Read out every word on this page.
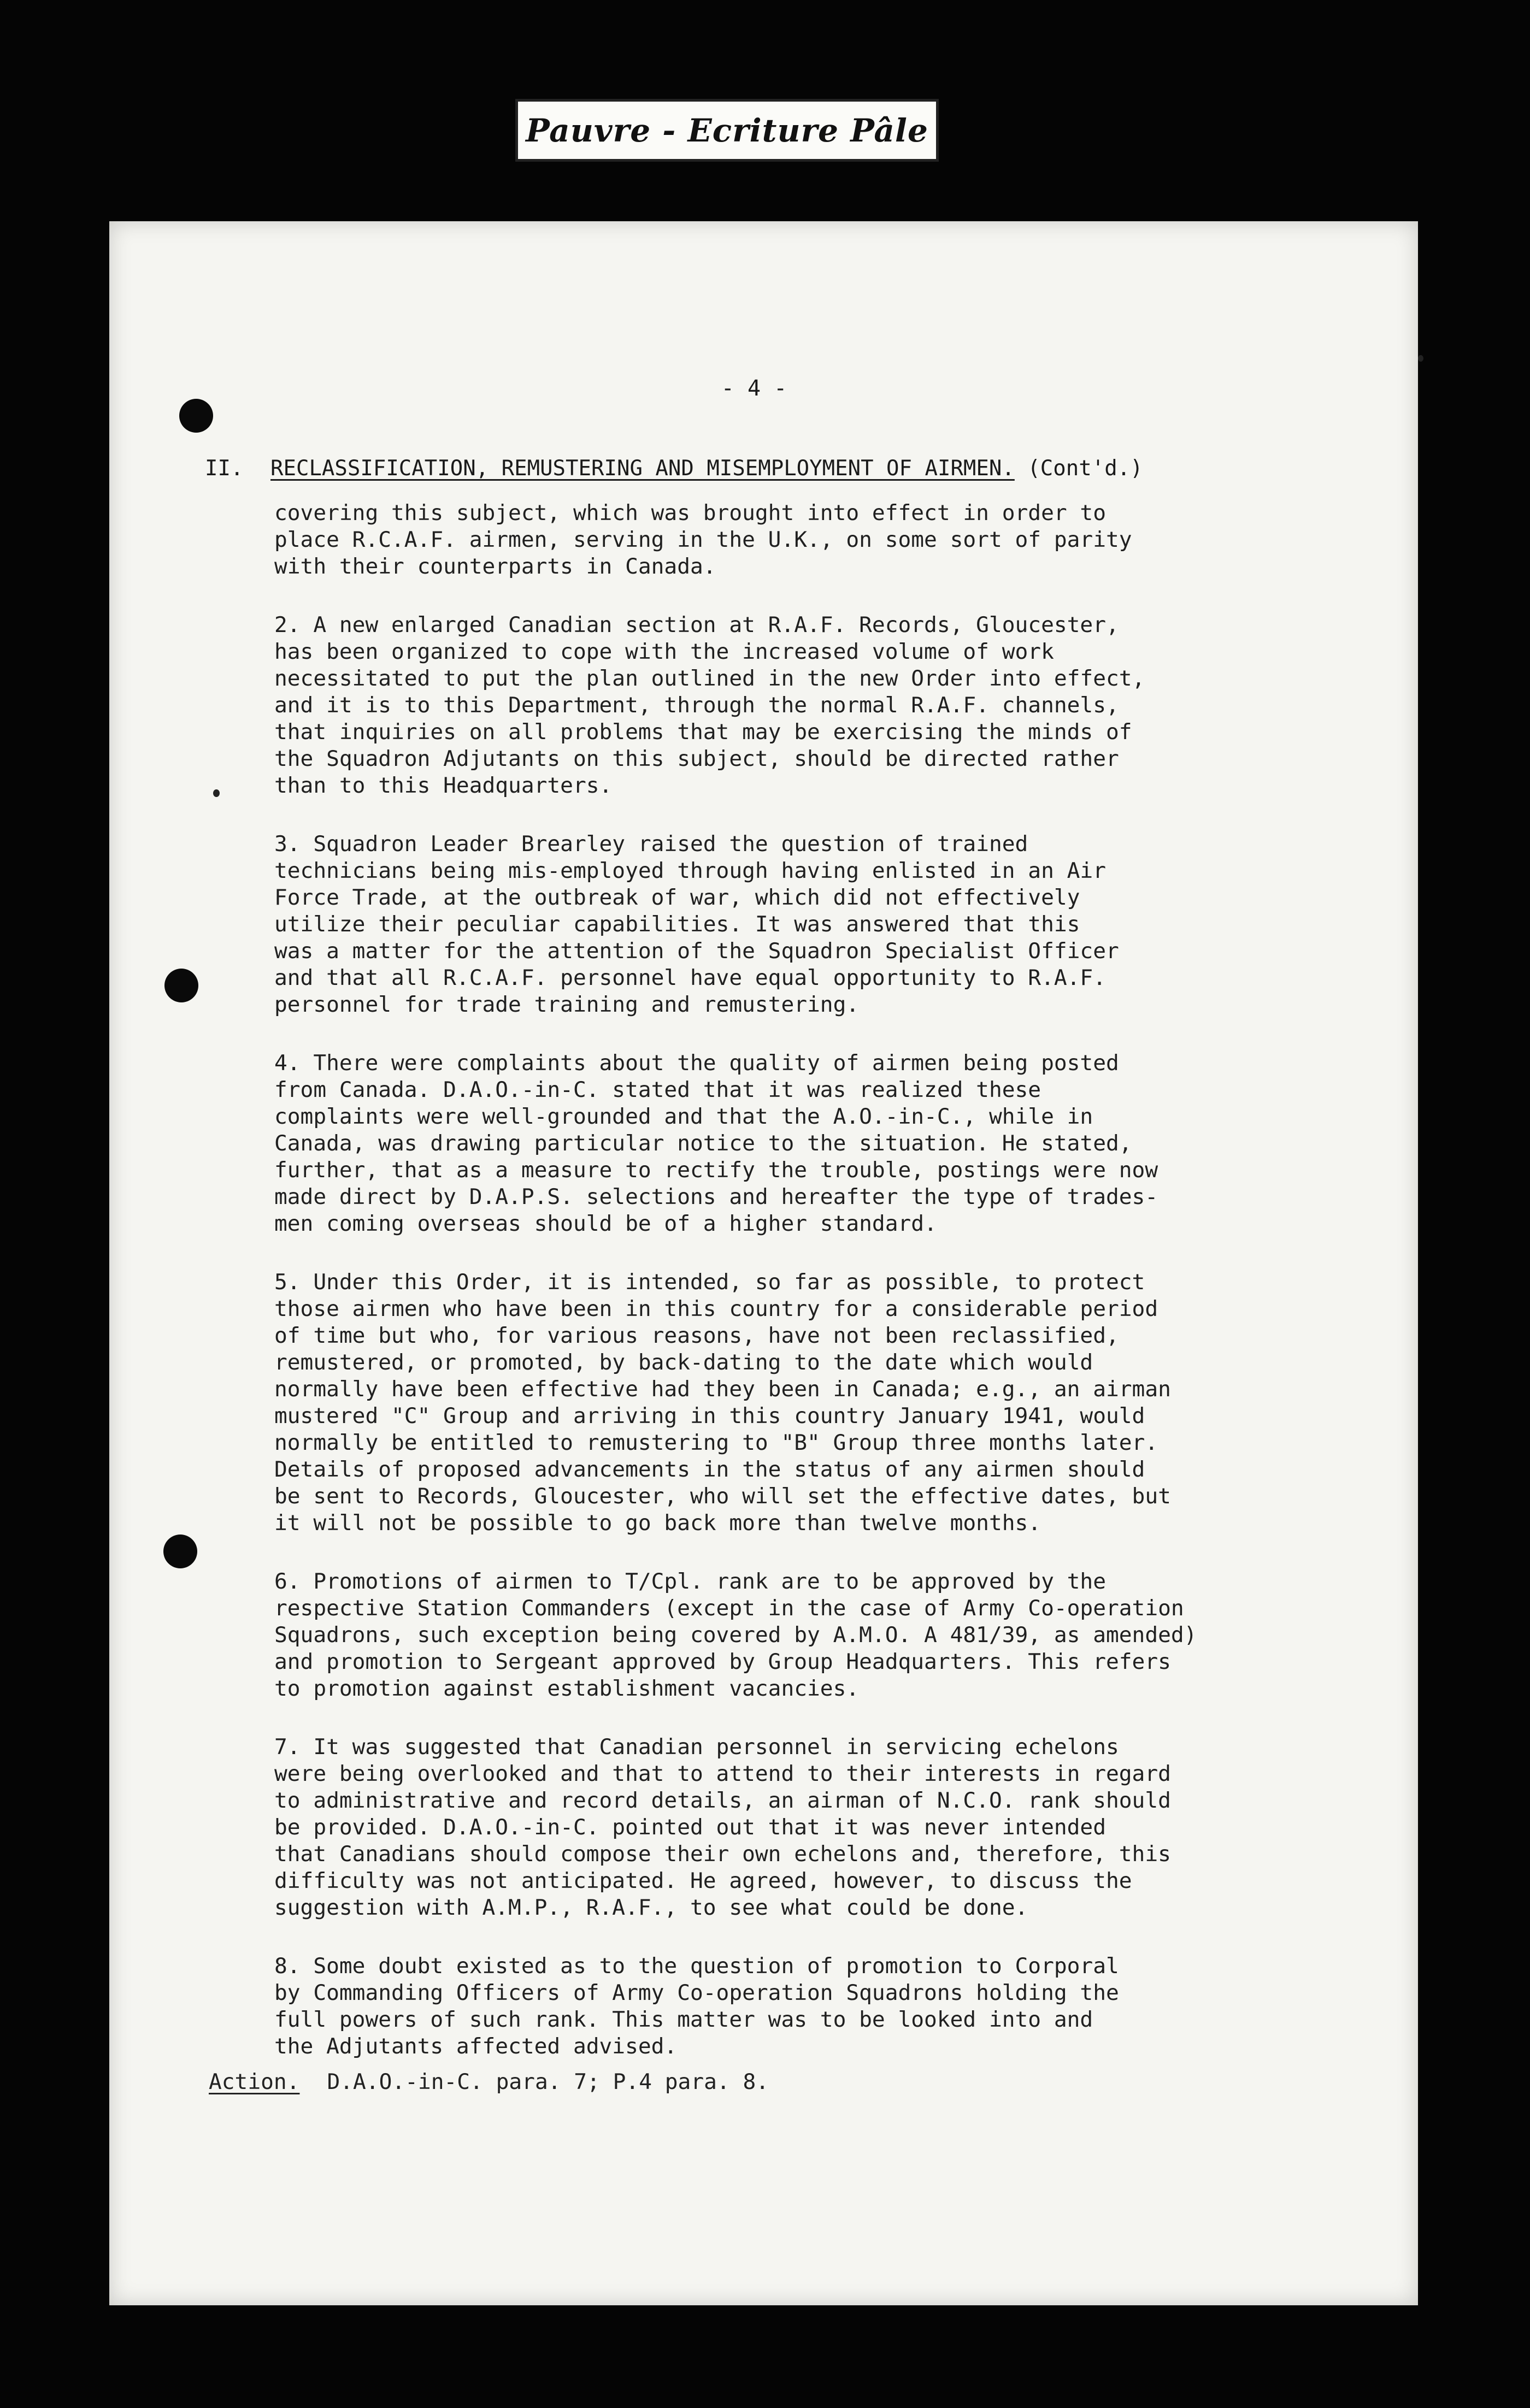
Pauvre - Ecriture Pâle
- 4 -
II. RECLASSIFICATION, REMUSTERING AND MISEMPLOYMENT OF AIRMEN. (Cont'd.)

covering this subject, which was brought into effect in order to
place R.C.A.F. airmen, serving in the U.K., on some sort of parity
with their counterparts in Canada.

2. A new enlarged Canadian section at R.A.F. Records, Gloucester,
has been organized to cope with the increased volume of work
necessitated to put the plan outlined in the new Order into effect,
and it is to this Department, through the normal R.A.F. channels,
that inquiries on all problems that may be exercising the minds of
the Squadron Adjutants on this subject, should be directed rather
than to this Headquarters.

3. Squadron Leader Brearley raised the question of trained
technicians being mis-employed through having enlisted in an Air
Force Trade, at the outbreak of war, which did not effectively
utilize their peculiar capabilities. It was answered that this
was a matter for the attention of the Squadron Specialist Officer
and that all R.C.A.F. personnel have equal opportunity to R.A.F.
personnel for trade training and remustering.

4. There were complaints about the quality of airmen being posted
from Canada. D.A.O.-in-C. stated that it was realized these
complaints were well-grounded and that the A.O.-in-C., while in
Canada, was drawing particular notice to the situation. He stated,
further, that as a measure to rectify the trouble, postings were now
made direct by D.A.P.S. selections and hereafter the type of trades-
men coming overseas should be of a higher standard.

5. Under this Order, it is intended, so far as possible, to protect
those airmen who have been in this country for a considerable period
of time but who, for various reasons, have not been reclassified,
remustered, or promoted, by back-dating to the date which would
normally have been effective had they been in Canada; e.g., an airman
mustered "C" Group and arriving in this country January 1941, would
normally be entitled to remustering to "B" Group three months later.
Details of proposed advancements in the status of any airmen should
be sent to Records, Gloucester, who will set the effective dates, but
it will not be possible to go back more than twelve months.

6. Promotions of airmen to T/Cpl. rank are to be approved by the
respective Station Commanders (except in the case of Army Co-operation
Squadrons, such exception being covered by A.M.O. A 481/39, as amended)
and promotion to Sergeant approved by Group Headquarters. This refers
to promotion against establishment vacancies.

7. It was suggested that Canadian personnel in servicing echelons
were being overlooked and that to attend to their interests in regard
to administrative and record details, an airman of N.C.O. rank should
be provided. D.A.O.-in-C. pointed out that it was never intended
that Canadians should compose their own echelons and, therefore, this
difficulty was not anticipated. He agreed, however, to discuss the
suggestion with A.M.P., R.A.F., to see what could be done.

8. Some doubt existed as to the question of promotion to Corporal
by Commanding Officers of Army Co-operation Squadrons holding the
full powers of such rank. This matter was to be looked into and
the Adjutants affected advised.

Action. D.A.O.-in-C. para. 7; P.4 para. 8.
